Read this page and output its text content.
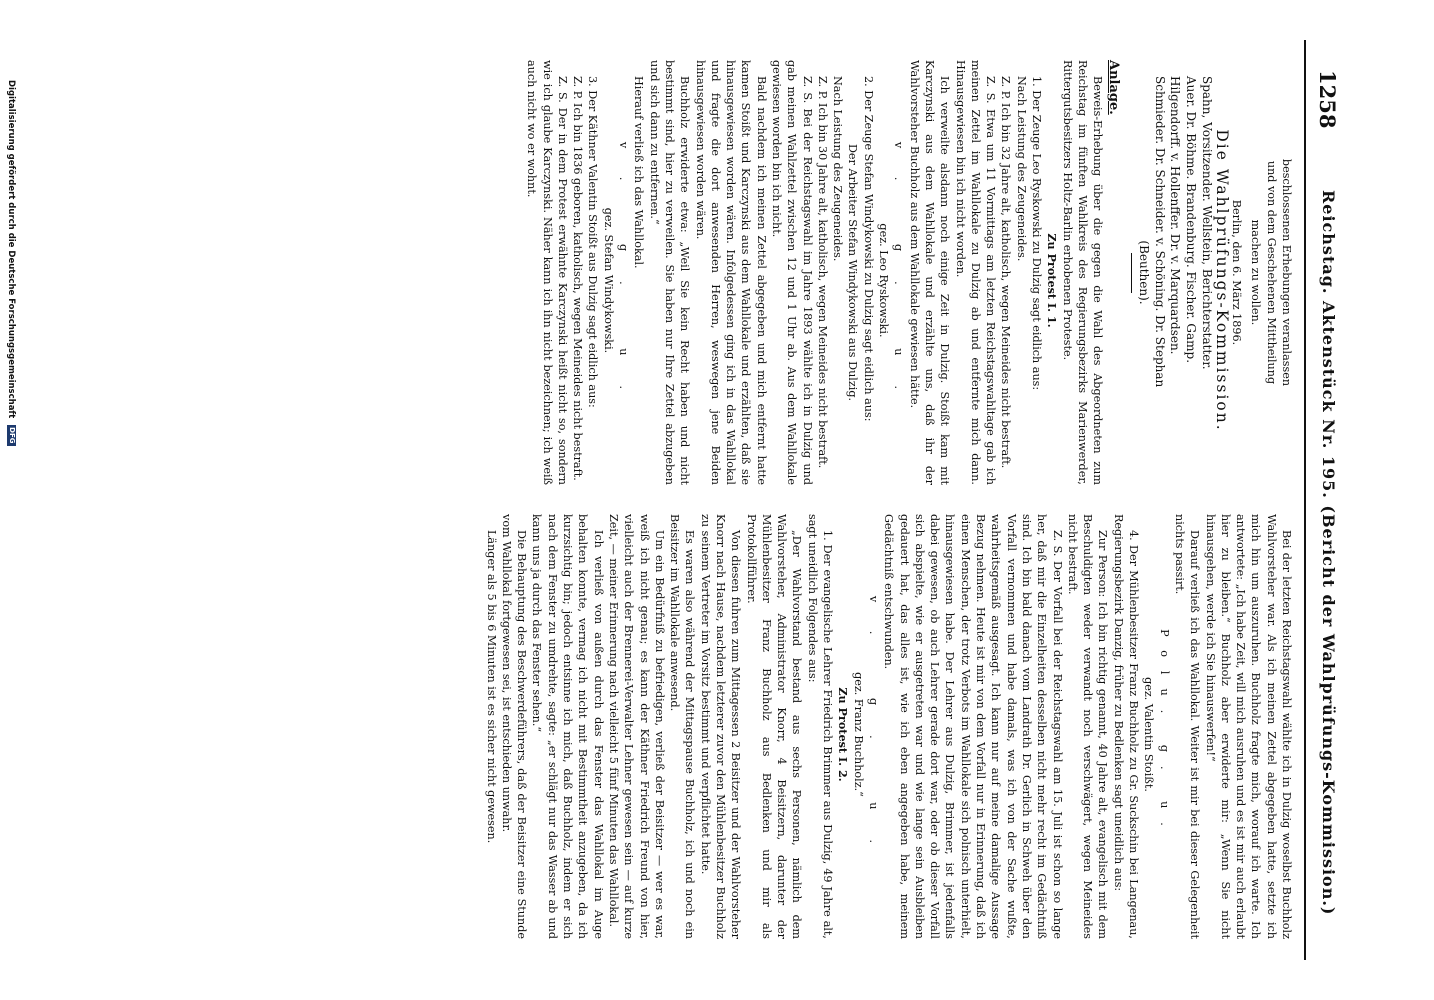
1258
Reichstag. Aktenstück Nr. 195. (Bericht der Wahlprüfungs-Kommission.)

beschlossenen Erhebungen veranlassen

und von dem Geschehenen Mittheilung

machen zu wollen.

Berlin, den 6. März 1896.

Die Wahlprüfungs-Kommission.

Spahn, Vorsitzender. Wellstein, Berichterstatter.

Auer. Dr. Böhme. Brandenburg. Fischer. Gamp.

Hilgendorff. v. Hollenffer. Dr. v. Marquardsen.

Schmieder. Dr. Schneider. v. Schöning. Dr. Stephan

(Beuthen).

Anlage.

Beweis-Erhebung über die gegen die Wahl des Abgeordneten zum Reichstag im fünften Wahlkreis des Regierungsbezirks Marienwerder, Rittergutsbesitzers Holtz-Barlin erhobenen Proteste.

Zu Protest I. 1.

1. Der Zeuge Leo Ryskowski zu Dulzig sagt eidlich aus:

Nach Leistung des Zeugeneides.

Z. P. Ich bin 32 Jahre alt, katholisch, wegen Meineides nicht bestraft.

Z. S. Etwa um 11 Vormittags am letzten Reichstagswahltage gab ich meinen Zettel im Wahllokale zu Dulzig ab und entfernte mich dann. Hinausgewiesen bin ich nicht worden.

Ich verweilte alsdann noch einige Zeit in Dulzig. Stoißt kam mit Karczynski aus dem Wahllokale und erzählte uns, daß ihr der Wahlvorsteher Buchholz aus dem Wahllokale gewiesen hätte.

v. g. u.

gez. Leo Ryskowski.

2. Der Zeuge Stefan Windykowski zu Dulzig sagt eidlich aus:

Der Arbeiter Stefan Windykowski aus Dulzig.

Nach Leistung des Zeugeneides.

Z. P. Ich bin 30 Jahre alt, katholisch, wegen Meineides nicht bestraft.

Z. S. Bei der Reichstagswahl im Jahre 1893 wählte ich in Dulzig und gab meinen Wahlzettel zwischen 12 und 1 Uhr ab. Aus dem Wahllokale gewiesen worden bin ich nicht.

Bald nachdem ich meinen Zettel abgegeben und mich entfernt hatte kamen Stoißt und Karczynski aus dem Wahllokale und erzählten, daß sie hinausgewiesen worden wären. Infolgedessen ging ich in das Wahllokal und fragte die dort anwesenden Herren, weswegen jene Beiden hinausgewiesen worden wären.

Buchholz erwiderte etwa: „Weil Sie kein Recht haben und nicht bestimmt sind, hier zu verweilen. Sie haben nur Ihre Zettel abzugeben und sich dann zu entfernen.“

Hierauf verließ ich das Wahllokal.

v. g. u.

gez. Stefan Windykowski.

3. Der Käthner Valentin Stoißt aus Dulzig sagt eidlich aus:

Z. P. Ich bin 1836 geboren, katholisch, wegen Meineides nicht bestraft.

Z. S. Der in dem Protest erwähnte Karczynski heißt nicht so, sondern wie ich glaube Karczynski. Näher kann ich ihn nicht bezeichnen; ich weiß auch nicht wo er wohnt.

Bei der letzten Reichstagswahl wählte ich in Dulzig woselbst Buchholz Wahlvorsteher war. Als ich meinen Zettel abgegeben hatte, setzte ich mich hin um auszuruhen. Buchholz fragte mich, worauf ich warte. Ich antwortete: „Ich habe Zeit, will mich ausruhen und es ist mir auch erlaubt hier zu bleiben.“ Buchholz aber erwiderte mir: „Wenn Sie nicht hinausgehen, werde ich Sie hinauswerfen!“

Darauf verließ ich das Wahllokal. Weiter ist mir bei dieser Gelegenheit nichts passirt.

Polu. g. u.

gez. Valentin Stoißt.

4. Der Mühlenbesitzer Franz Buchholz zu Gr. Suckschin bei Langenau, Regierungsbezirk Danzig, früher zu Bedlenken sagt uneidlich aus:

Zur Person: Ich bin richtig genannt, 40 Jahre alt, evangelisch mit dem Beschuldigten weder verwandt noch verschwägert, wegen Meineides nicht bestraft.

Z. S. Der Vorfall bei der Reichstagswahl am 15. Juli ist schon so lange her, daß mir die Einzelheiten desselben nicht mehr recht im Gedächtniß sind. Ich bin bald danach vom Landrath Dr. Gerlich in Schweh über den Vorfall vernommen und habe damals, was ich von der Sache wußte, wahrheitsgemäß ausgesagt. Ich kann nur auf meine damalige Aussage Bezug nehmen. Heute ist mir von dem Vorfall nur in Erinnerung, daß ich einen Menschen, der trotz Verbots im Wahllokale sich polnisch unterhielt, hinausgewiesen habe. Der Lehrer aus Dulzig, Brimmer, ist jedenfalls dabei gewesen, ob auch Lehrer gerade dort war, oder ob dieser Vorfall sich abspielte, wie er ausgetreten war und wie lange sein Ausbleiben gedauert hat, das alles ist, wie ich eben angegeben habe, meinem Gedächtniß entschwunden.

v. g. u.

gez. Franz Buchholz.“

Zu Protest I. 2.

1. Der evangelische Lehrer Friedrich Brimmer aus Dulzig, 49 Jahre alt, sagt uneidlich Folgendes aus:

„Der Wahlvorstand bestand aus sechs Personen, nämlich dem Wahlvorsteher, Administrator Knorr, 4 Beisitzern, darunter der Mühlenbesitzer Franz Buchholz aus Bedlenken und mir als Protokollführer.

Von diesen fuhren zum Mittagessen 2 Beisitzer und der Wahlvorsteher Knorr nach Hause, nachdem letzterer zuvor den Mühlenbesitzer Buchholz zu seinem Vertreter im Vorsitz bestimmt und verpflichtet hatte.

Es waren also während der Mittagspause Buchholz, ich und noch ein Beisitzer im Wahllokale anwesend.

Um ein Bedürfniß zu befriedigen, verließ der Beisitzer — wer es war, weiß ich nicht genau; es kann der Käthner Friedrich Freund von hier, vielleicht auch der Brennerei-Verwalter Lehner gewesen sein — auf kurze Zeit, — meiner Erinnerung nach vielleicht 5 fünf Minuten das Wahllokal.

Ich verließ von außen durch das Fenster das Wahllokal im Auge behalten konnte, vermag ich nicht mit Bestimmtheit anzugeben, da ich kurzsichtig bin; jedoch entsinne ich mich, daß Buchholz, indem er sich nach dem Fenster zu umdrehte, sagte: „er schlägt nur das Wasser ab und kann uns ja durch das Fenster sehen.“

Die Behauptung des Beschwerdeführers, daß der Beisitzer eine Stunde vom Wahllokal fortgewesen sei, ist entschieden unwahr.

Länger als 5 bis 6 Minuten ist es sicher nicht gewesen.

Digitalisierung gefördert durch die Deutsche Forschungsgemeinschaft DFG
